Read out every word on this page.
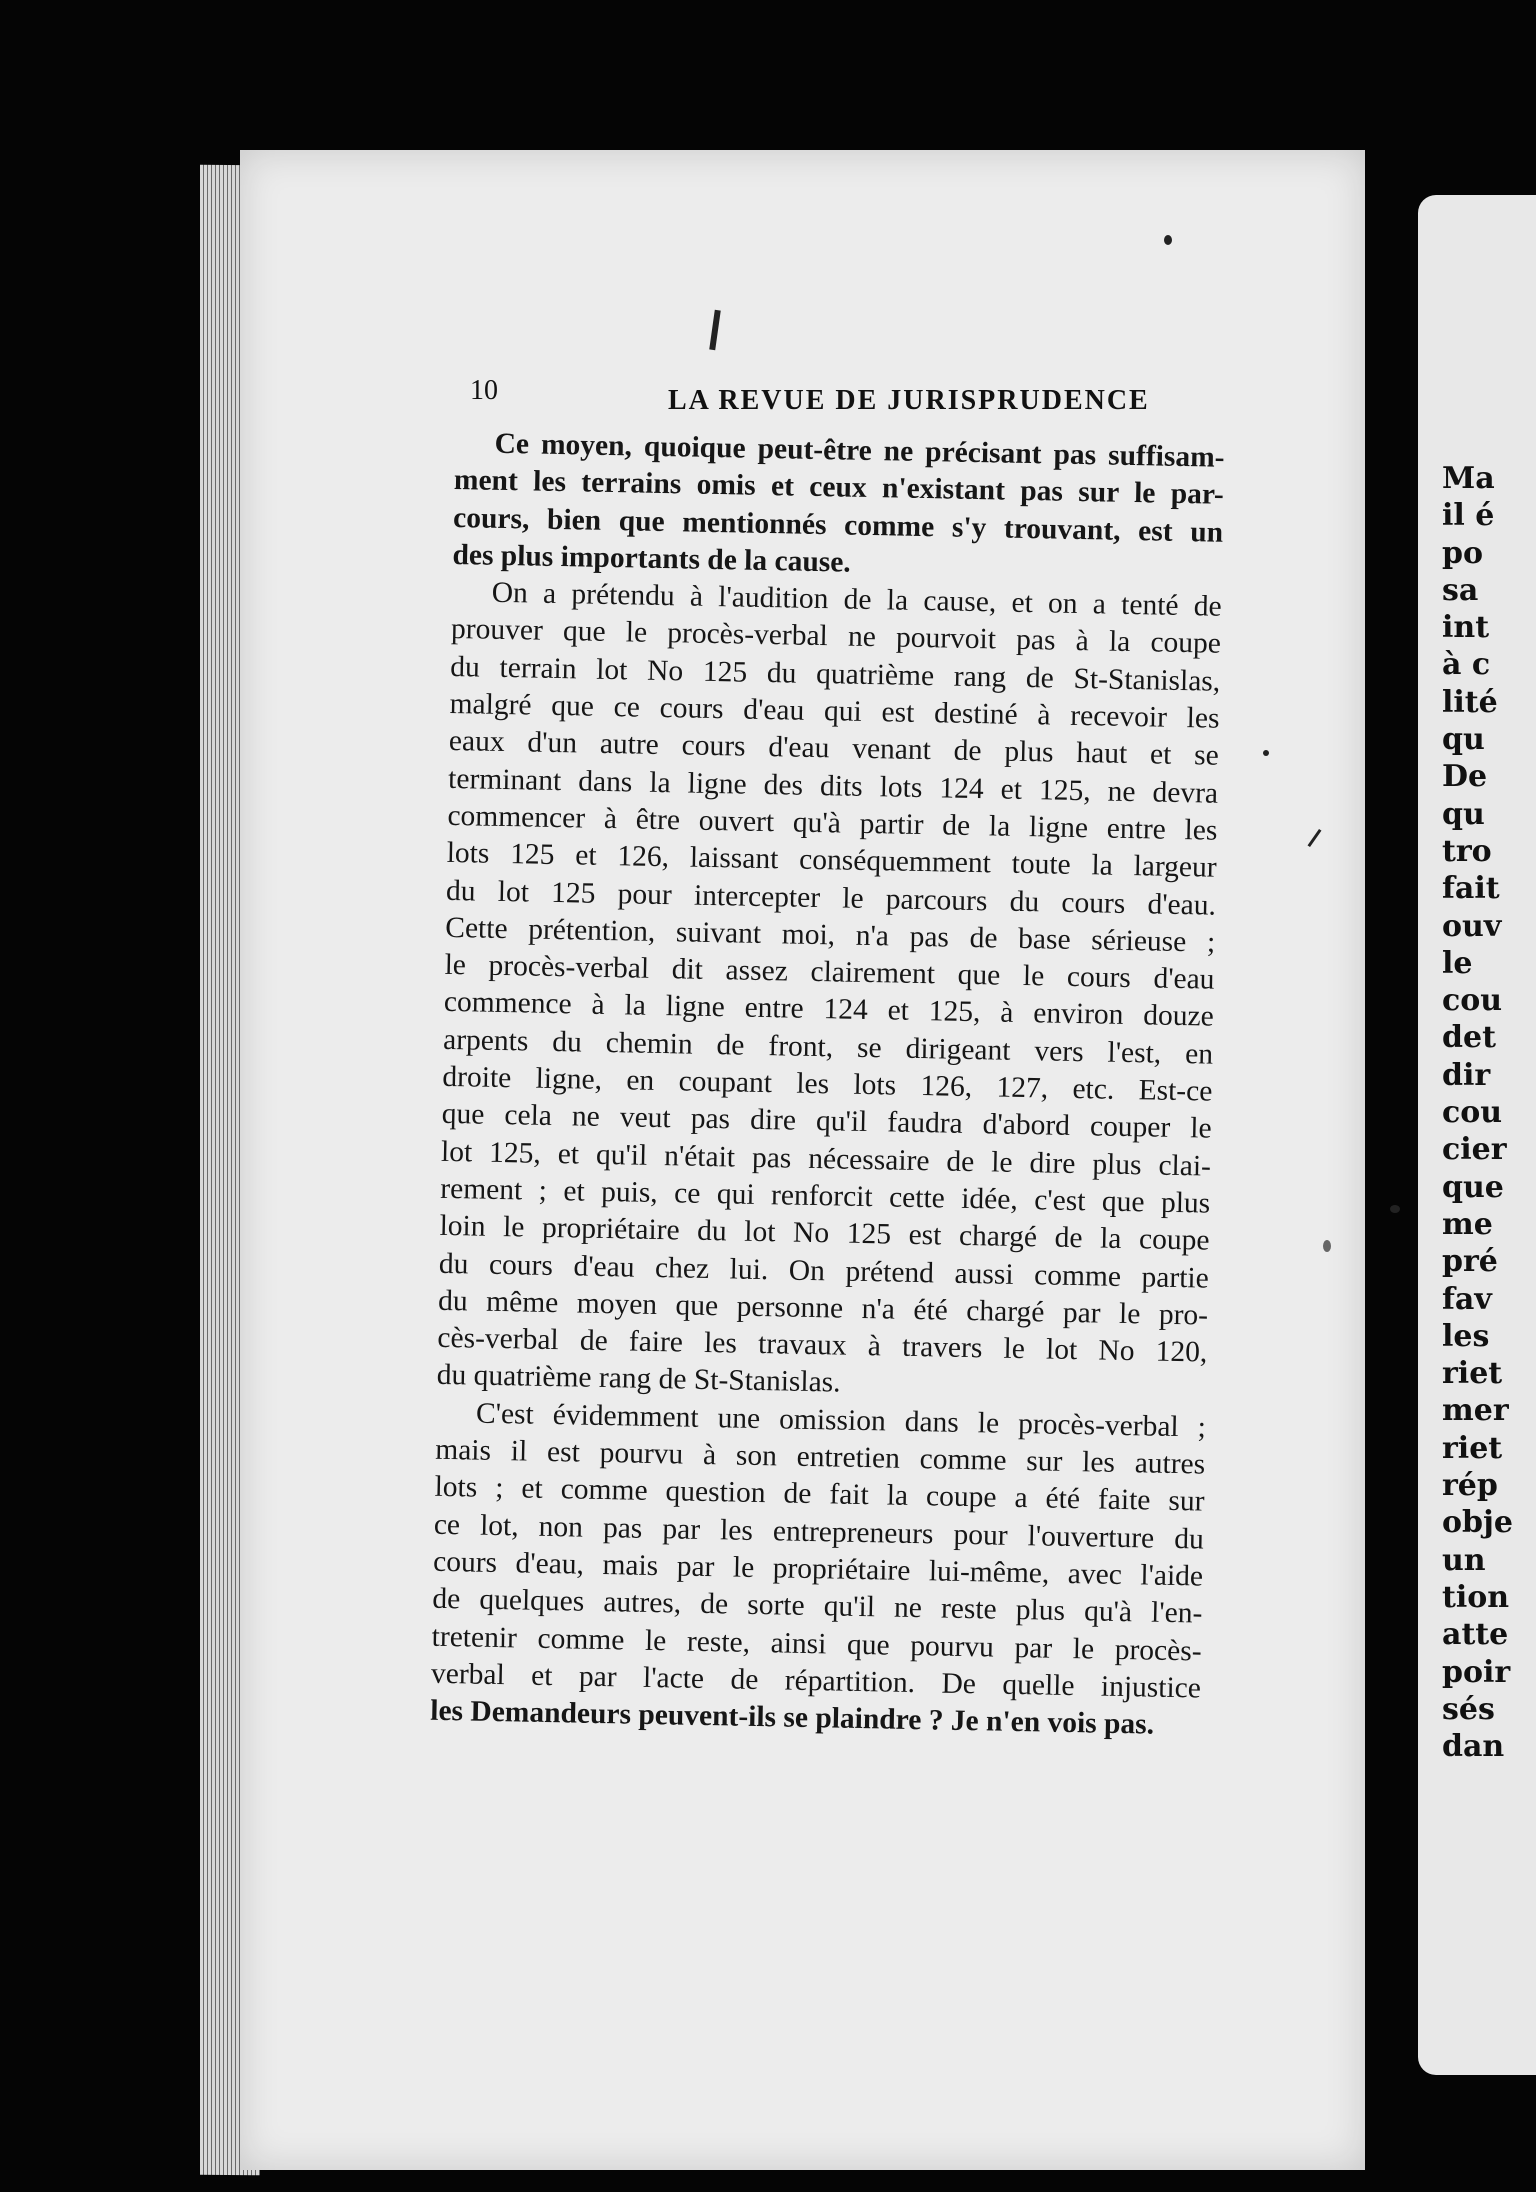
Ma
il é
po
sa
int
à c
lité
qu
De
qu
tro
fait
ouv
le
cou
det
dir
cou
cier
que
me
pré
fav
les
riet
mer
riet
rép
obje
un
tion
atte
poir
sés
dan
10	LA REVUE DE JURISPRUDENCE
Ce moyen, quoique peut-être ne précisant pas suffisam-
ment les terrains omis et ceux n'existant pas sur le par-
cours, bien que mentionnés comme s'y trouvant, est un
des plus importants de la cause.
On a prétendu à l'audition de la cause, et on a tenté de
prouver que le procès-verbal ne pourvoit pas à la coupe
du terrain lot No 125 du quatrième rang de St-Stanislas,
malgré que ce cours d'eau qui est destiné à recevoir les
eaux d'un autre cours d'eau venant de plus haut et se
terminant dans la ligne des dits lots 124 et 125, ne devra
commencer à être ouvert qu'à partir de la ligne entre les
lots 125 et 126, laissant conséquemment toute la largeur
du lot 125 pour intercepter le parcours du cours d'eau.
Cette prétention, suivant moi, n'a pas de base sérieuse ;
le procès-verbal dit assez clairement que le cours d'eau
commence à la ligne entre 124 et 125, à environ douze
arpents du chemin de front, se dirigeant vers l'est, en
droite ligne, en coupant les lots 126, 127, etc. Est-ce
que cela ne veut pas dire qu'il faudra d'abord couper le
lot 125, et qu'il n'était pas nécessaire de le dire plus clai-
rement ; et puis, ce qui renforcit cette idée, c'est que plus
loin le propriétaire du lot No 125 est chargé de la coupe
du cours d'eau chez lui. On prétend aussi comme partie
du même moyen que personne n'a été chargé par le pro-
cès-verbal de faire les travaux à travers le lot No 120,
du quatrième rang de St-Stanislas.
C'est évidemment une omission dans le procès-verbal ;
mais il est pourvu à son entretien comme sur les autres
lots ; et comme question de fait la coupe a été faite sur
ce lot, non pas par les entrepreneurs pour l'ouverture du
cours d'eau, mais par le propriétaire lui-même, avec l'aide
de quelques autres, de sorte qu'il ne reste plus qu'à l'en-
tretenir comme le reste, ainsi que pourvu par le procès-
verbal et par l'acte de répartition. De quelle injustice
les Demandeurs peuvent-ils se plaindre ? Je n'en vois pas.
